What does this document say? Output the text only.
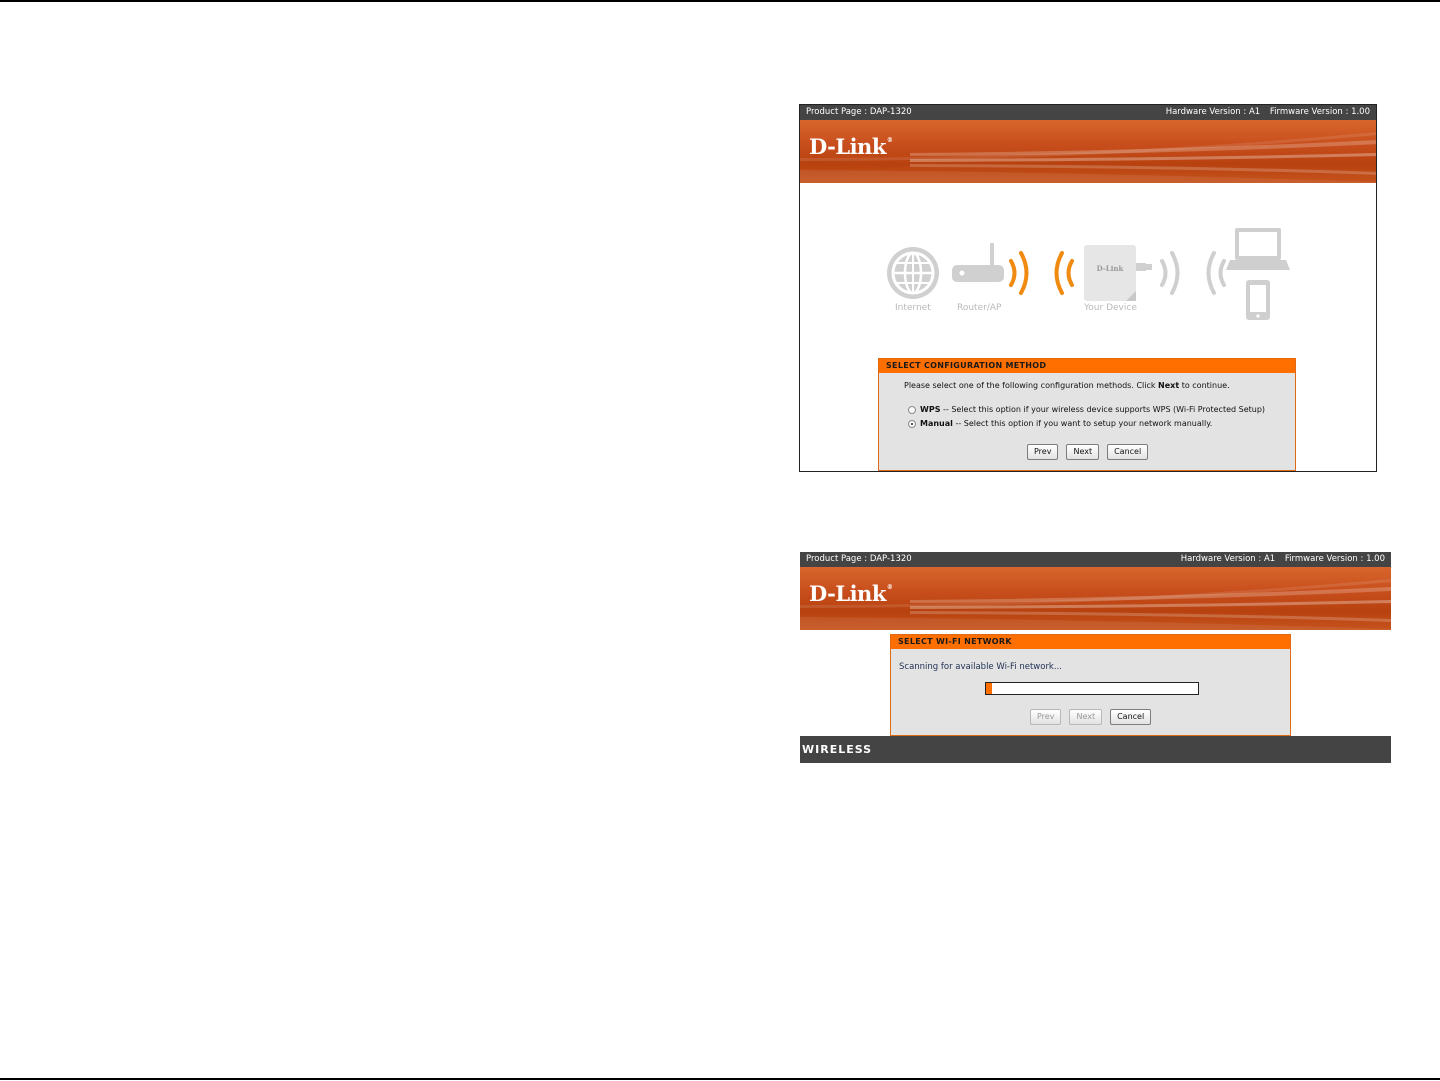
Product Page : DAP-1320	Hardware Version : A1 Firmware Version : 1.00
D-Link®
D-Link
Internet	Router/AP	Your Device
SELECT CONFIGURATION METHOD
Please select one of the following configuration methods. Click Next to continue.
WPS
-- Select this option if your wireless device supports WPS (Wi-Fi Protected Setup)
Manual
-- Select this option if you want to setup your network manually.
Prev	Next	Cancel
Product Page : DAP-1320	Hardware Version : A1 Firmware Version : 1.00
D-Link®
SELECT WI-FI NETWORK
Scanning for available Wi-Fi network...
Prev	Next	Cancel
WIRELESS
